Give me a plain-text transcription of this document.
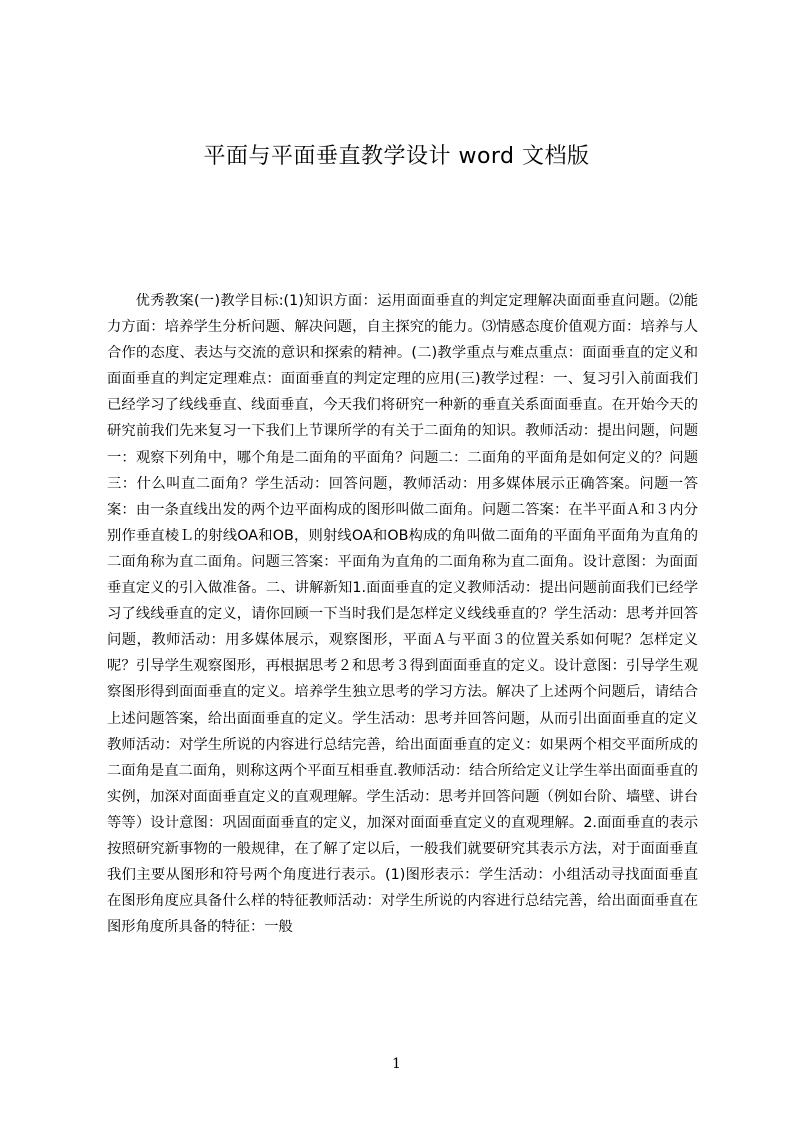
平面与平面垂直教学设计 word 文档版

优秀教案(一)教学目标:(1)知识方面：运用面面垂直的判定定理解决面面垂直问题。⑵能力方面：培养学生分析问题、解决问题，自主探究的能力。⑶情感态度价值观方面：培养与人合作的态度、表达与交流的意识和探索的精神。(二)教学重点与难点重点：面面垂直的定义和面面垂直的判定定理难点：面面垂直的判定定理的应用(三)教学过程：一、复习引入前面我们已经学习了线线垂直、线面垂直，今天我们将研究一种新的垂直关系面面垂直。在开始今天的研究前我们先来复习一下我们上节课所学的有关于二面角的知识。教师活动：提出问题，问题一：观察下列角中，哪个角是二面角的平面角？问题二：二面角的平面角是如何定义的？问题三：什么叫直二面角？学生活动：回答问题，教师活动：用多媒体展示正确答案。问题一答案：由一条直线出发的两个边平面构成的图形叫做二面角。问题二答案：在半平面Ａ和３内分别作垂直棱Ｌ的射线OA和OB，则射线OA和OB构成的角叫做二面角的平面角平面角为直角的二面角称为直二面角。问题三答案：平面角为直角的二面角称为直二面角。设计意图：为面面垂直定义的引入做准备。二、讲解新知1.面面垂直的定义教师活动：提出问题前面我们已经学习了线线垂直的定义，请你回顾一下当时我们是怎样定义线线垂直的？学生活动：思考并回答问题，教师活动：用多媒体展示，观察图形，平面Ａ与平面３的位置关系如何呢？怎样定义呢？引导学生观察图形，再根据思考２和思考３得到面面垂直的定义。设计意图：引导学生观察图形得到面面垂直的定义。培养学生独立思考的学习方法。解决了上述两个问题后，请结合上述问题答案，给出面面垂直的定义。学生活动：思考并回答问题，从而引出面面垂直的定义教师活动：对学生所说的内容进行总结完善，给出面面垂直的定义：如果两个相交平面所成的二面角是直二面角，则称这两个平面互相垂直.教师活动：结合所给定义让学生举出面面垂直的实例，加深对面面垂直定义的直观理解。学生活动：思考并回答问题（例如台阶、墙壁、讲台等等）设计意图：巩固面面垂直的定义，加深对面面垂直定义的直观理解。2.面面垂直的表示按照研究新事物的一般规律，在了解了定以后，一般我们就要研究其表示方法，对于面面垂直我们主要从图形和符号两个角度进行表示。(1)图形表示：学生活动：小组活动寻找面面垂直在图形角度应具备什么样的特征教师活动：对学生所说的内容进行总结完善，给出面面垂直在图形角度所具备的特征：一般

1
